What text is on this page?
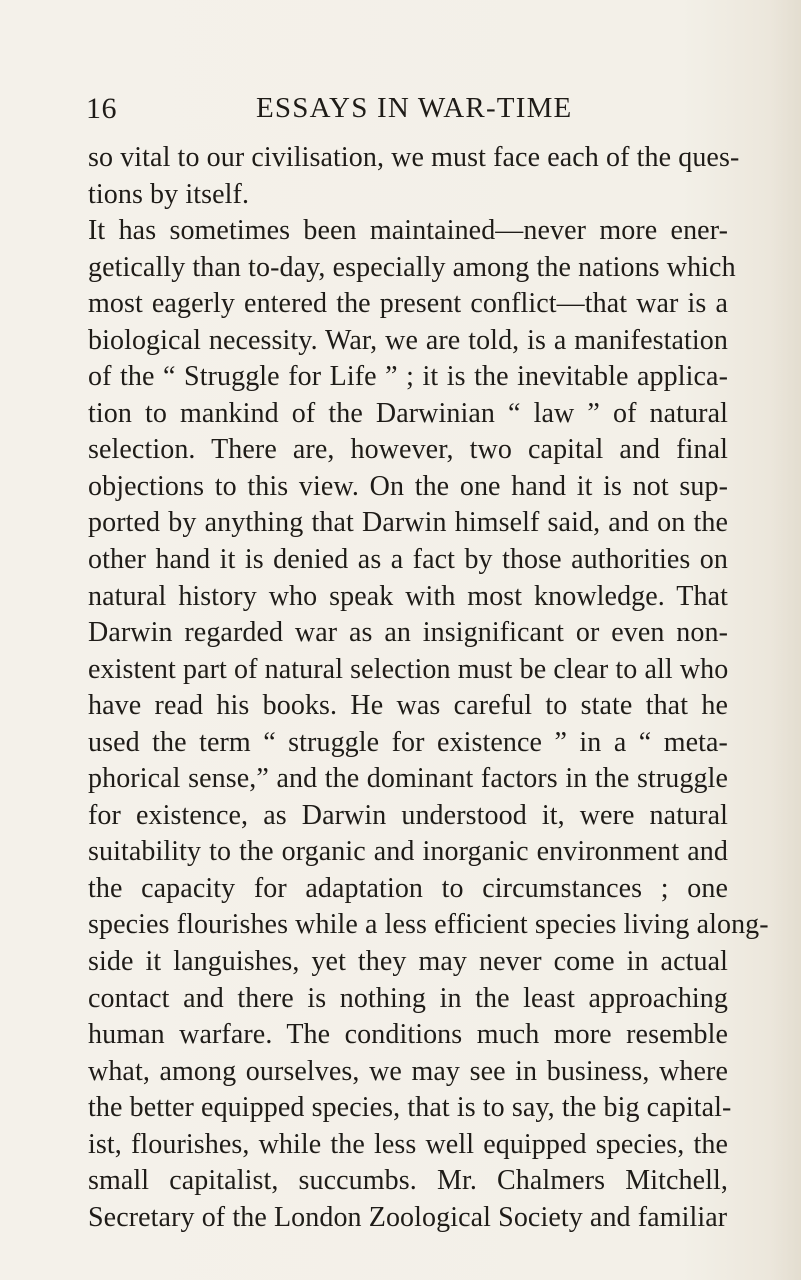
16	ESSAYS IN WAR-TIME
so vital to our civilisation, we must face each of the ques-
tions by itself.
It has sometimes been maintained—never more ener-
getically than to-day, especially among the nations which
most eagerly entered the present conflict—that war is a
biological necessity. War, we are told, is a manifestation
of the “ Struggle for Life ” ; it is the inevitable applica-
tion to mankind of the Darwinian “ law ” of natural
selection. There are, however, two capital and final
objections to this view. On the one hand it is not sup-
ported by anything that Darwin himself said, and on the
other hand it is denied as a fact by those authorities on
natural history who speak with most knowledge. That
Darwin regarded war as an insignificant or even non-
existent part of natural selection must be clear to all who
have read his books. He was careful to state that he
used the term “ struggle for existence ” in a “ meta-
phorical sense,” and the dominant factors in the struggle
for existence, as Darwin understood it, were natural
suitability to the organic and inorganic environment and
the capacity for adaptation to circumstances ; one
species flourishes while a less efficient species living along-
side it languishes, yet they may never come in actual
contact and there is nothing in the least approaching
human warfare. The conditions much more resemble
what, among ourselves, we may see in business, where
the better equipped species, that is to say, the big capital-
ist, flourishes, while the less well equipped species, the
small capitalist, succumbs. Mr. Chalmers Mitchell,
Secretary of the London Zoological Society and familiar
